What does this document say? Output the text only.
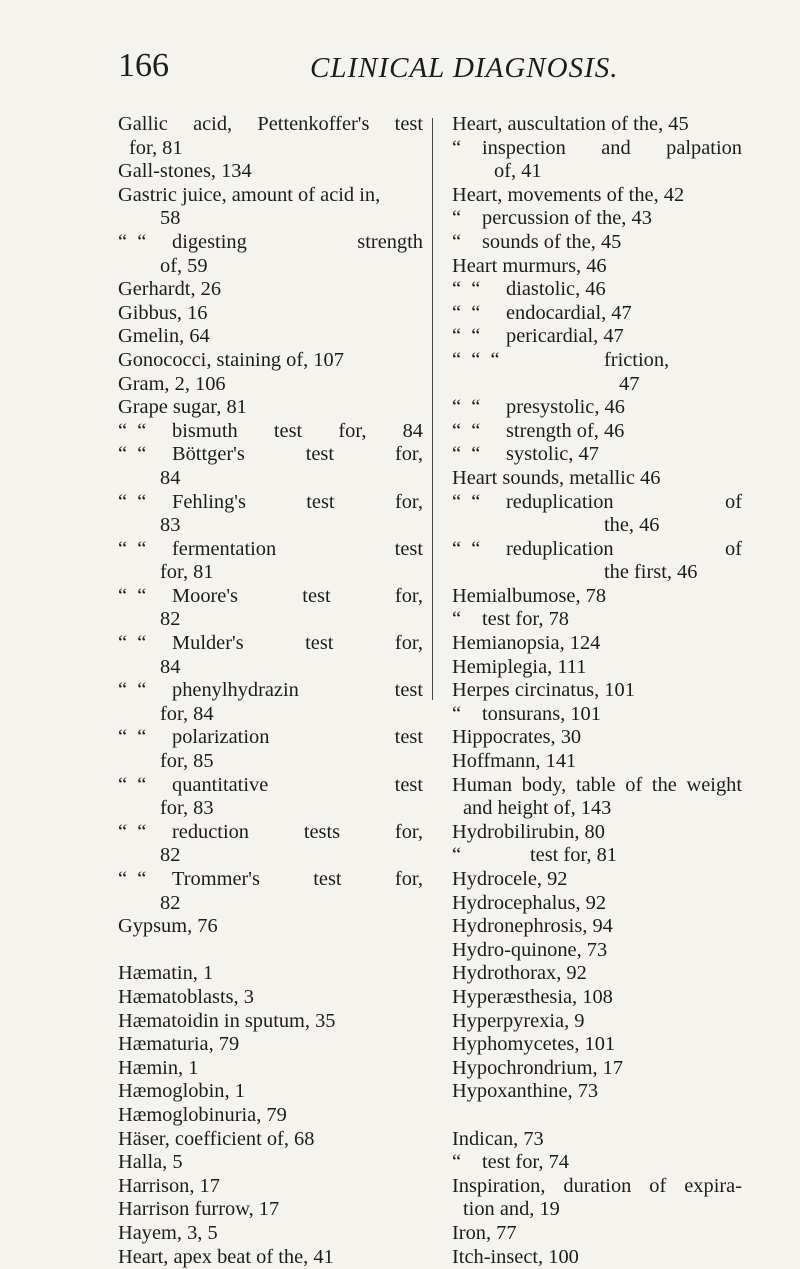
166	CLINICAL DIAGNOSIS.
Gallic acid, Pettenkoffer's test
for, 81
Gall-stones, 134
Gastric juice, amount of acid in,
58
“  “ digesting strength
of, 59
Gerhardt, 26
Gibbus, 16
Gmelin, 64
Gonococci, staining of, 107
Gram, 2, 106
Grape sugar, 81
“  “ bismuth test for, 84
“  “ Böttger's test for,
84
“  “ Fehling's test for,
83
“  “ fermentation test
for, 81
“  “ Moore's test for,
82
“  “ Mulder's test for,
84
“  “ phenylhydrazin test
for, 84
“  “ polarization test
for, 85
“  “ quantitative test
for, 83
“  “ reduction tests for,
82
“  “ Trommer's test for,
82
Gypsum, 76
Hæmatin, 1
Hæmatoblasts, 3
Hæmatoidin in sputum, 35
Hæmaturia, 79
Hæmin, 1
Hæmoglobin, 1
Hæmoglobinuria, 79
Häser, coefficient of, 68
Halla, 5
Harrison, 17
Harrison furrow, 17
Hayem, 3, 5
Heart, apex beat of the, 41
Heart, auscultation of the, 45
“ inspection and palpation
of, 41
Heart, movements of the, 42
“ percussion of the, 43
“ sounds of the, 45
Heart murmurs, 46
“  “ diastolic, 46
“  “ endocardial, 47
“  “ pericardial, 47
“  “  “	friction,
47
“  “ presystolic, 46
“  “ strength of, 46
“  “ systolic, 47
Heart sounds, metallic 46
“  “ reduplication of
the, 46
“  “ reduplication of
the first, 46
Hemialbumose, 78
“ test for, 78
Hemianopsia, 124
Hemiplegia, 111
Herpes circinatus, 101
“ tonsurans, 101
Hippocrates, 30
Hoffmann, 141
Human body, table of the weight
and height of, 143
Hydrobilirubin, 80
“	test for, 81
Hydrocele, 92
Hydrocephalus, 92
Hydronephrosis, 94
Hydro-quinone, 73
Hydrothorax, 92
Hyperæsthesia, 108
Hyperpyrexia, 9
Hyphomycetes, 101
Hypochrondrium, 17
Hypoxanthine, 73
Indican, 73
“ test for, 74
Inspiration, duration of expira-
tion and, 19
Iron, 77
Itch-insect, 100
